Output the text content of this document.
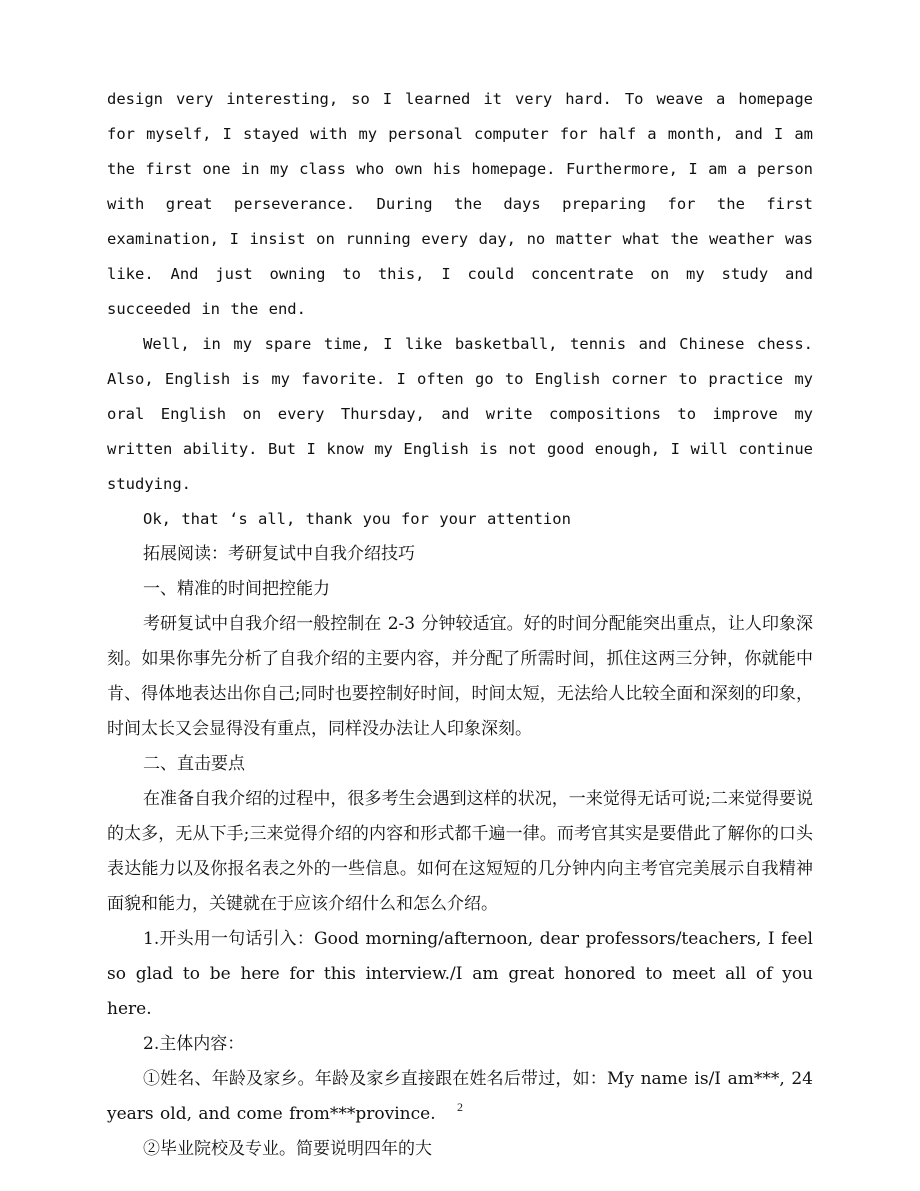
design very interesting, so I learned it very hard. To weave a homepage for myself, I stayed with my personal computer for half a month, and I am the first one in my class who own his homepage. Furthermore, I am a person with great perseverance. During the days preparing for the first examination, I insist on running every day, no matter what the weather was like. And just owning to this, I could concentrate on my study and succeeded in the end.

Well, in my spare time, I like basketball, tennis and Chinese chess. Also, English is my favorite. I often go to English corner to practice my oral English on every Thursday, and write compositions to improve my written ability. But I know my English is not good enough, I will continue studying.

Ok, that ‘s all, thank you for your attention

拓展阅读：考研复试中自我介绍技巧

一、精准的时间把控能力

考研复试中自我介绍一般控制在 2-3 分钟较适宜。好的时间分配能突出重点，让人印象深刻。如果你事先分析了自我介绍的主要内容，并分配了所需时间，抓住这两三分钟，你就能中肯、得体地表达出你自己;同时也要控制好时间，时间太短，无法给人比较全面和深刻的印象，时间太长又会显得没有重点，同样没办法让人印象深刻。

二、直击要点

在准备自我介绍的过程中，很多考生会遇到这样的状况，一来觉得无话可说;二来觉得要说的太多，无从下手;三来觉得介绍的内容和形式都千遍一律。而考官其实是要借此了解你的口头表达能力以及你报名表之外的一些信息。如何在这短短的几分钟内向主考官完美展示自我精神面貌和能力，关键就在于应该介绍什么和怎么介绍。

1.开头用一句话引入：Good morning/afternoon, dear professors/teachers, I feel so glad to be here for this interview./I am great honored to meet all of you here.

2.主体内容：

①姓名、年龄及家乡。年龄及家乡直接跟在姓名后带过，如：My name is/I am***, 24 years old, and come from***province.

②毕业院校及专业。简要说明四年的大

2
